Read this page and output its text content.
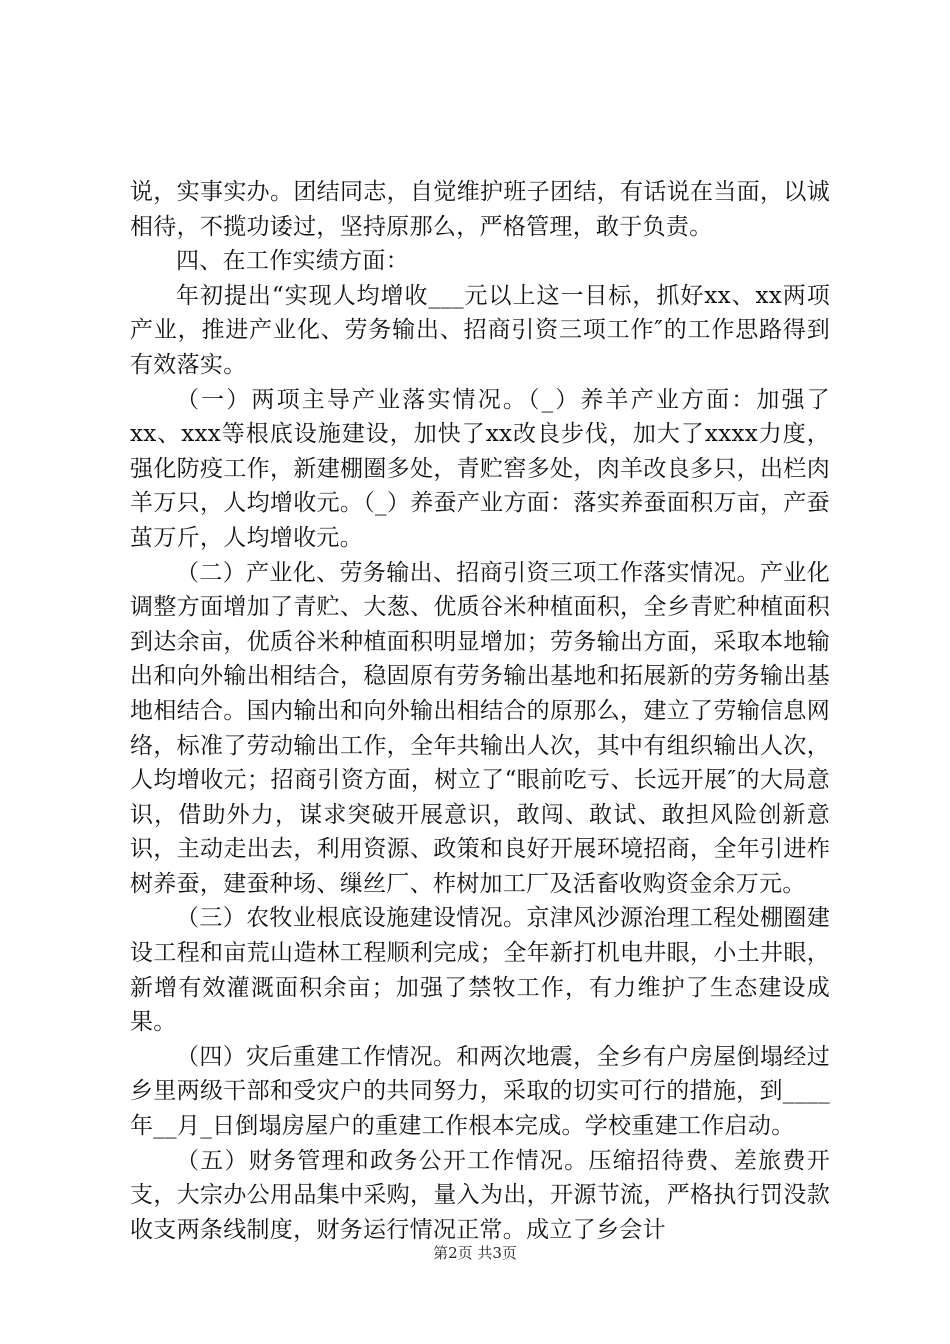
说，实事实办。团结同志，自觉维护班子团结，有话说在当面，以诚相待，不揽功诿过，坚持原那么，严格管理，敢于负责。

四、在工作实绩方面：

年初提出“实现人均增收___元以上这一目标，抓好xx、xx两项产业，推进产业化、劳务输出、招商引资三项工作″的工作思路得到有效落实。

（一）两项主导产业落实情况。（_）养羊产业方面：加强了xx、xxx等根底设施建设，加快了xx改良步伐，加大了xxxx力度，强化防疫工作，新建棚圈多处，青贮窖多处，肉羊改良多只，出栏肉羊万只，人均增收元。（_）养蚕产业方面：落实养蚕面积万亩，产蚕茧万斤，人均增收元。

（二）产业化、劳务输出、招商引资三项工作落实情况。产业化调整方面增加了青贮、大葱、优质谷米种植面积，全乡青贮种植面积到达余亩，优质谷米种植面积明显增加；劳务输出方面，采取本地输出和向外输出相结合，稳固原有劳务输出基地和拓展新的劳务输出基地相结合。国内输出和向外输出相结合的原那么，建立了劳输信息网络，标准了劳动输出工作，全年共输出人次，其中有组织输出人次，人均增收元；招商引资方面，树立了“眼前吃亏、长远开展″的大局意识，借助外力，谋求突破开展意识，敢闯、敢试、敢担风险创新意识，主动走出去，利用资源、政策和良好开展环境招商，全年引进柞树养蚕，建蚕种场、缫丝厂、柞树加工厂及活畜收购资金余万元。

（三）农牧业根底设施建设情况。京津风沙源治理工程处棚圈建设工程和亩荒山造林工程顺利完成；全年新打机电井眼，小土井眼，新增有效灌溉面积余亩；加强了禁牧工作，有力维护了生态建设成果。

（四）灾后重建工作情况。和两次地震，全乡有户房屋倒塌经过乡里两级干部和受灾户的共同努力，采取的切实可行的措施，到____年__月_日倒塌房屋户的重建工作根本完成。学校重建工作启动。

（五）财务管理和政务公开工作情况。压缩招待费、差旅费开支，大宗办公用品集中采购，量入为出，开源节流，严格执行罚没款收支两条线制度，财务运行情况正常。成立了乡会计

第2页 共3页
